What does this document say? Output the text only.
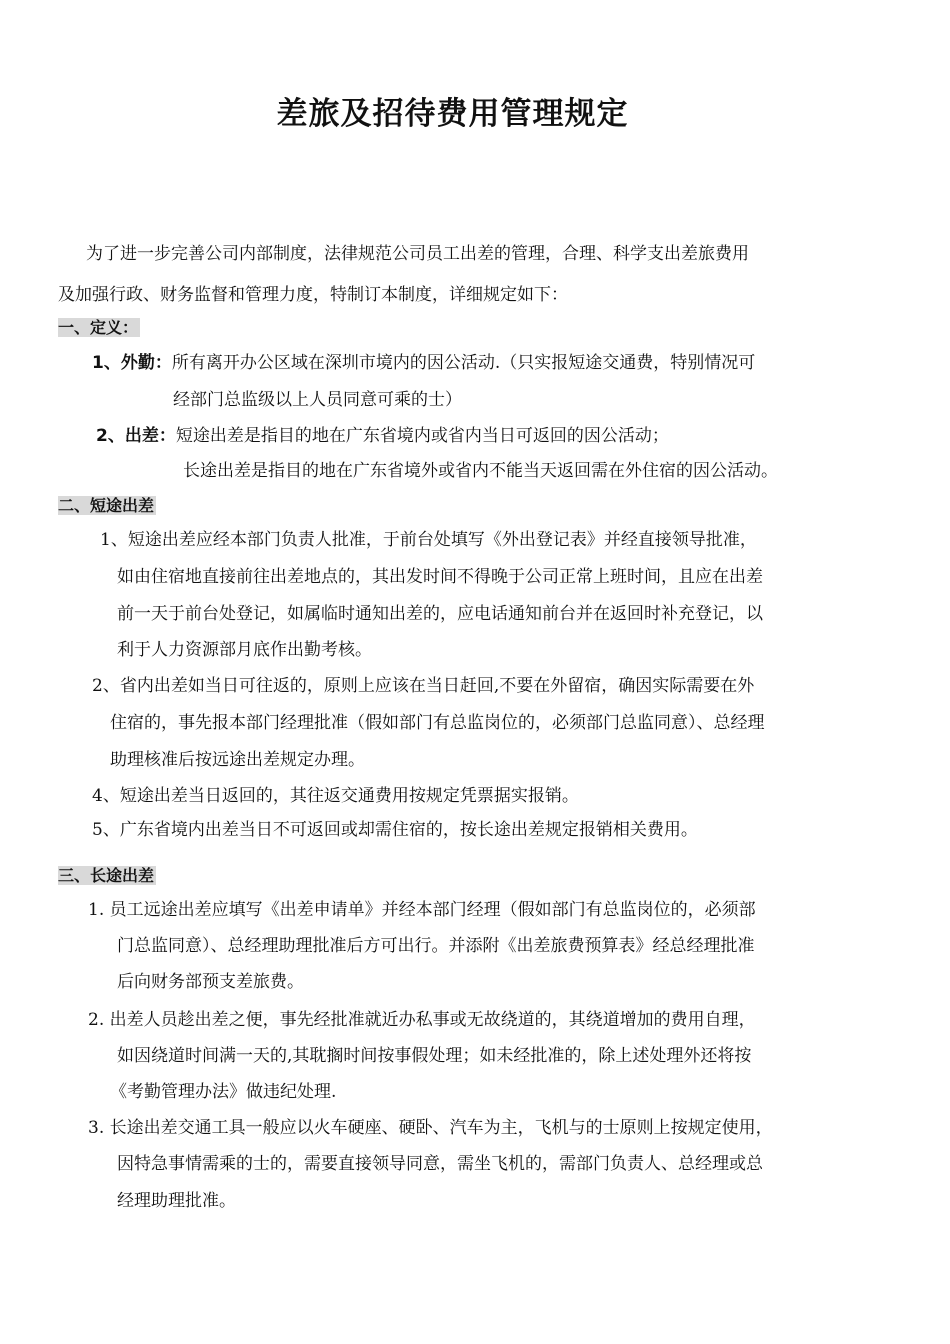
差旅及招待费用管理规定
为了进一步完善公司内部制度，法律规范公司员工出差的管理，合理、科学支出差旅费用
及加强行政、财务监督和管理力度，特制订本制度，详细规定如下：
一、定义：
1、外勤：所有离开办公区域在深圳市境内的因公活动.（只实报短途交通费，特别情况可
经部门总监级以上人员同意可乘的士）
2、出差：短途出差是指目的地在广东省境内或省内当日可返回的因公活动；
长途出差是指目的地在广东省境外或省内不能当天返回需在外住宿的因公活动。
二、短途出差
1、短途出差应经本部门负责人批准，于前台处填写《外出登记表》并经直接领导批准，
如由住宿地直接前往出差地点的，其出发时间不得晚于公司正常上班时间，且应在出差
前一天于前台处登记，如属临时通知出差的，应电话通知前台并在返回时补充登记，以
利于人力资源部月底作出勤考核。
2、省内出差如当日可往返的，原则上应该在当日赶回,不要在外留宿，确因实际需要在外
住宿的，事先报本部门经理批准（假如部门有总监岗位的，必须部门总监同意）、总经理
助理核准后按远途出差规定办理。
4、短途出差当日返回的，其往返交通费用按规定凭票据实报销。
5、广东省境内出差当日不可返回或却需住宿的，按长途出差规定报销相关费用。
三、长途出差
1. 员工远途出差应填写《出差申请单》并经本部门经理（假如部门有总监岗位的，必须部
门总监同意）、总经理助理批准后方可出行。并添附《出差旅费预算表》经总经理批准
后向财务部预支差旅费。
2. 出差人员趁出差之便，事先经批准就近办私事或无故绕道的，其绕道增加的费用自理，
如因绕道时间满一天的,其耽搁时间按事假处理；如未经批准的，除上述处理外还将按
《考勤管理办法》做违纪处理.
3. 长途出差交通工具一般应以火车硬座、硬卧、汽车为主，飞机与的士原则上按规定使用，
因特急事情需乘的士的，需要直接领导同意，需坐飞机的，需部门负责人、总经理或总
经理助理批准。
